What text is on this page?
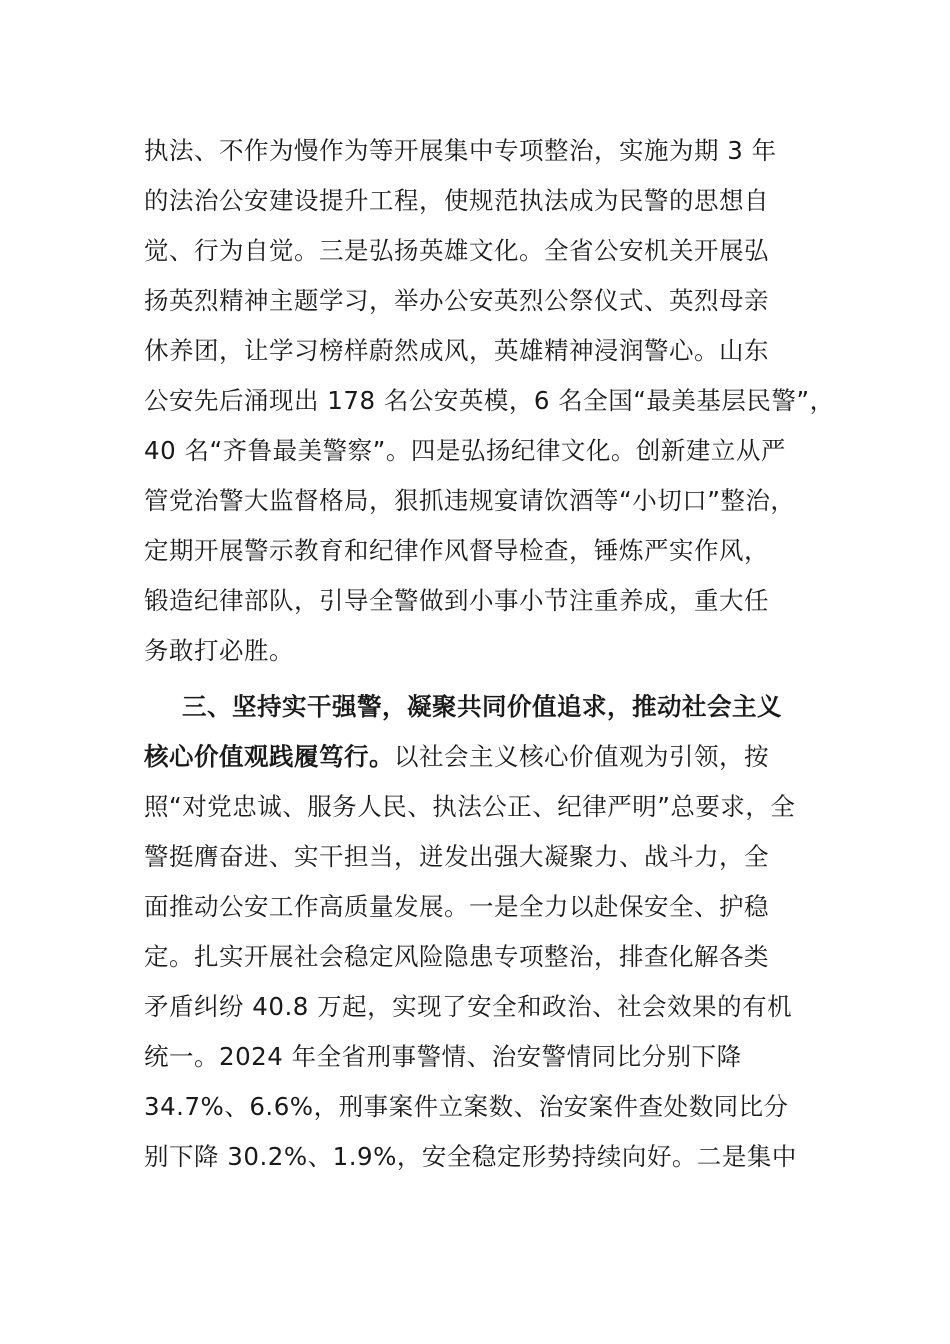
执法、不作为慢作为等开展集中专项整治，实施为期 3 年
的法治公安建设提升工程，使规范执法成为民警的思想自
觉、行为自觉。三是弘扬英雄文化。全省公安机关开展弘
扬英烈精神主题学习，举办公安英烈公祭仪式、英烈母亲
休养团，让学习榜样蔚然成风，英雄精神浸润警心。山东
公安先后涌现出 178 名公安英模，6 名全国“最美基层民警”，
40 名“齐鲁最美警察”。四是弘扬纪律文化。创新建立从严
管党治警大监督格局，狠抓违规宴请饮酒等“小切口”整治，
定期开展警示教育和纪律作风督导检查，锤炼严实作风，
锻造纪律部队，引导全警做到小事小节注重养成，重大任
务敢打必胜。
三、坚持实干强警，凝聚共同价值追求，推动社会主义
核心价值观践履笃行。以社会主义核心价值观为引领，按
照“对党忠诚、服务人民、执法公正、纪律严明”总要求，全
警挺膺奋进、实干担当，迸发出强大凝聚力、战斗力，全
面推动公安工作高质量发展。一是全力以赴保安全、护稳
定。扎实开展社会稳定风险隐患专项整治，排查化解各类
矛盾纠纷 40.8 万起，实现了安全和政治、社会效果的有机
统一。2024 年全省刑事警情、治安警情同比分别下降
34.7%、6.6%，刑事案件立案数、治安案件查处数同比分
别下降 30.2%、1.9%，安全稳定形势持续向好。二是集中
